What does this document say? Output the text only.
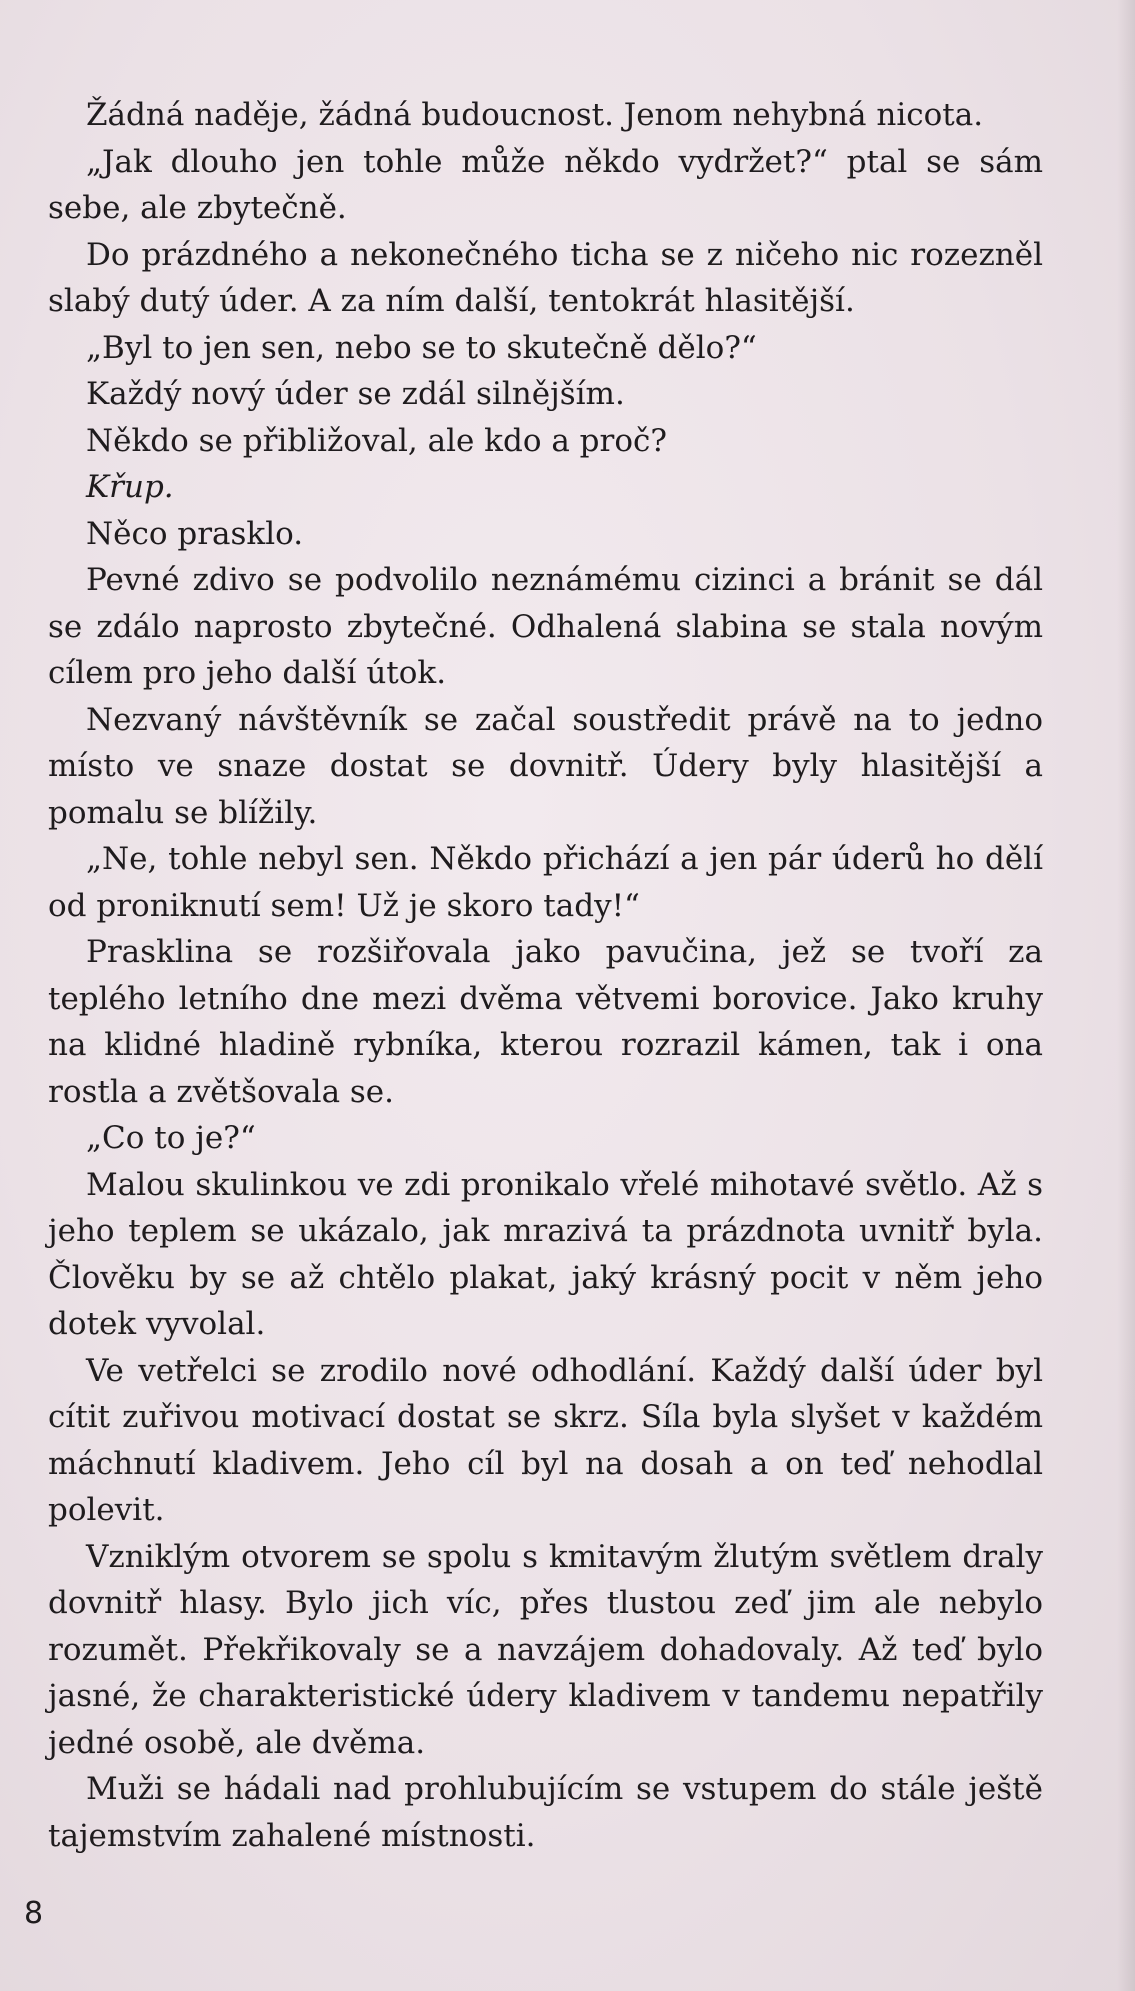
Žádná naděje, žádná budoucnost. Jenom nehybná nicota.

„Jak dlouho jen tohle může někdo vydržet?“ ptal se sám sebe, ale zbytečně.

Do prázdného a nekonečného ticha se z ničeho nic rozezněl slabý dutý úder. A za ním další, tentokrát hlasitější.

„Byl to jen sen, nebo se to skutečně dělo?“

Každý nový úder se zdál silnějším.

Někdo se přibližoval, ale kdo a proč?

Křup.

Něco prasklo.

Pevné zdivo se podvolilo neznámému cizinci a bránit se dál se zdálo naprosto zbytečné. Odhalená slabina se stala novým cílem pro jeho další útok.

Nezvaný návštěvník se začal soustředit právě na to jedno místo ve snaze dostat se dovnitř. Údery byly hlasitější a pomalu se blížily.

„Ne, tohle nebyl sen. Někdo přichází a jen pár úderů ho dělí od proniknutí sem! Už je skoro tady!“

Prasklina se rozšiřovala jako pavučina, jež se tvoří za teplého letního dne mezi dvěma větvemi borovice. Jako kruhy na klidné hladině rybníka, kterou rozrazil kámen, tak i ona rostla a zvětšovala se.

„Co to je?“

Malou skulinkou ve zdi pronikalo vřelé mihotavé světlo. Až s jeho teplem se ukázalo, jak mrazivá ta prázdnota uvnitř byla. Člověku by se až chtělo plakat, jaký krásný pocit v něm jeho dotek vyvolal.

Ve vetřelci se zrodilo nové odhodlání. Každý další úder byl cítit zuřivou motivací dostat se skrz. Síla byla slyšet v každém máchnutí kladivem. Jeho cíl byl na dosah a on teď nehodlal polevit.

Vzniklým otvorem se spolu s kmitavým žlutým světlem draly dovnitř hlasy. Bylo jich víc, přes tlustou zeď jim ale nebylo rozumět. Překřikovaly se a navzájem dohadovaly. Až teď bylo jasné, že charakteristické údery kladivem v tandemu nepatřily jedné osobě, ale dvěma.

Muži se hádali nad prohlubujícím se vstupem do stále ještě tajemstvím zahalené místnosti.

8
